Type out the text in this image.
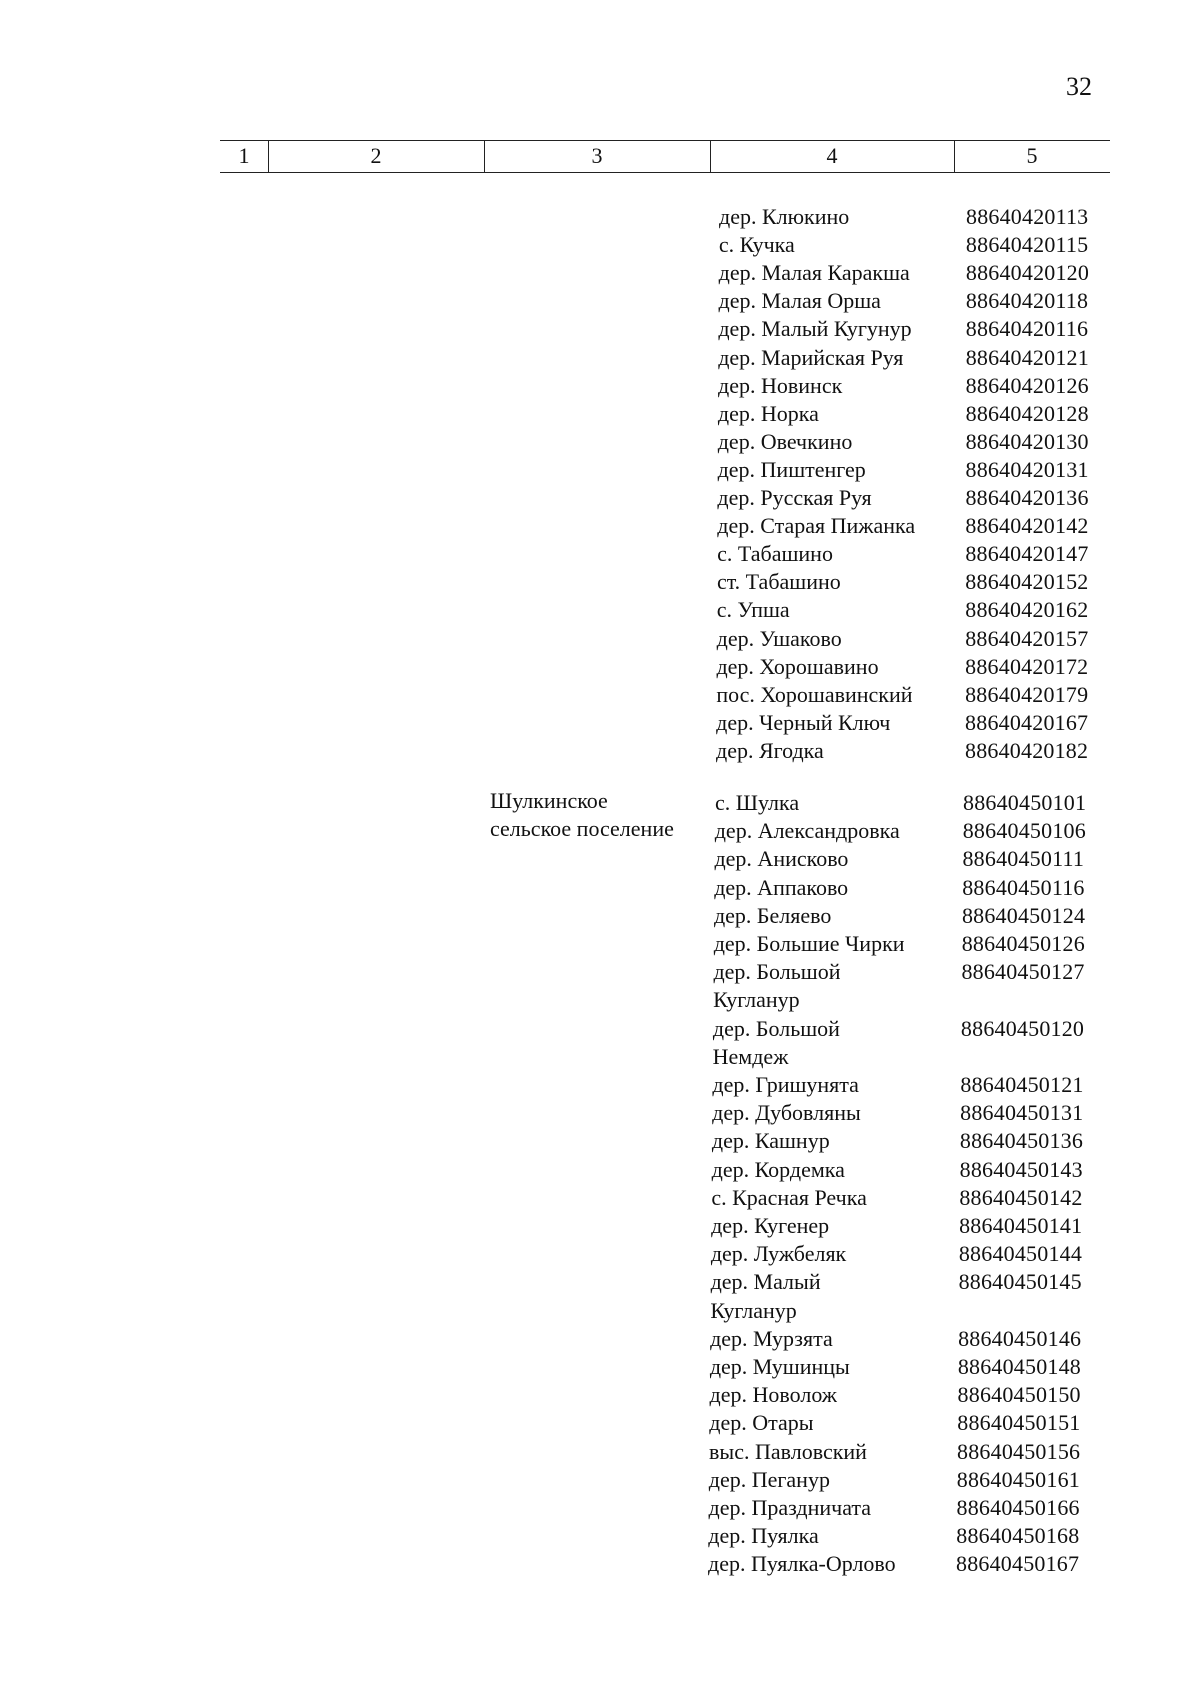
32
1	2	3	4	5
дер. Клюкино	88640420113
с. Кучка	88640420115
дер. Малая Каракша	88640420120
дер. Малая Орша	88640420118
дер. Малый Кугунур 88640420116
дер. Марийская Руя	88640420121
дер. Новинск	88640420126
дер. Норка	88640420128
дер. Овечкино	88640420130
дер. Пиштенгер	88640420131
дер. Русская Руя	88640420136
дер. Старая Пижанка 88640420142
с. Табашино	88640420147
ст. Табашино	88640420152
с. Упша	88640420162
дер. Ушаково	88640420157
дер. Хорошавино	88640420172
пос. Хорошавинский 88640420179
дер. Черный Ключ	88640420167
дер. Ягодка	88640420182
Шулкинское
сельское поселение
с. Шулка	88640450101
дер. Александровка	88640450106
дер. Анисково	88640450111
дер. Аппаково	88640450116
дер. Беляево	88640450124
дер. Большие Чирки	88640450126
дер. Большой	88640450127
Кугланур
дер. Большой	88640450120
Немдеж
дер. Гришунята	88640450121
дер. Дубовляны	88640450131
дер. Кашнур	88640450136
дер. Кордемка	88640450143
с. Красная Речка	88640450142
дер. Кугенер	88640450141
дер. Лужбеляк	88640450144
дер. Малый	88640450145
Кугланур
дер. Мурзята	88640450146
дер. Мушинцы	88640450148
дер. Новолож	88640450150
дер. Отары	88640450151
выс. Павловский	88640450156
дер. Пеганур	88640450161
дер. Праздничата	88640450166
дер. Пуялка	88640450168
дер. Пуялка-Орлово	88640450167
